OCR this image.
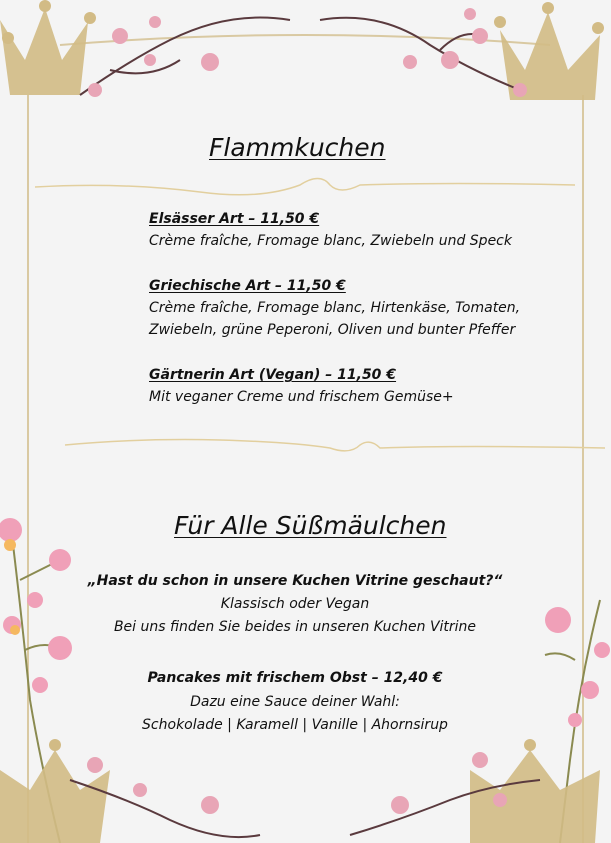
Flammkuchen
Elsässer Art – 11,50 €
Crème fraîche, Fromage blanc, Zwiebeln und Speck
Griechische Art – 11,50 €
Crème fraîche, Fromage blanc, Hirtenkäse, Tomaten,
Zwiebeln, grüne Peperoni, Oliven und bunter Pfeffer
Gärtnerin Art (Vegan) – 11,50 €
Mit veganer Creme und frischem Gemüse+
Für Alle Süßmäulchen
„Hast du schon in unsere Kuchen Vitrine geschaut?“
Klassisch oder Vegan
Bei uns finden Sie beides in unseren Kuchen Vitrine
Pancakes mit frischem Obst – 12,40 €
Dazu eine Sauce deiner Wahl:
Schokolade | Karamell | Vanille | Ahornsirup
